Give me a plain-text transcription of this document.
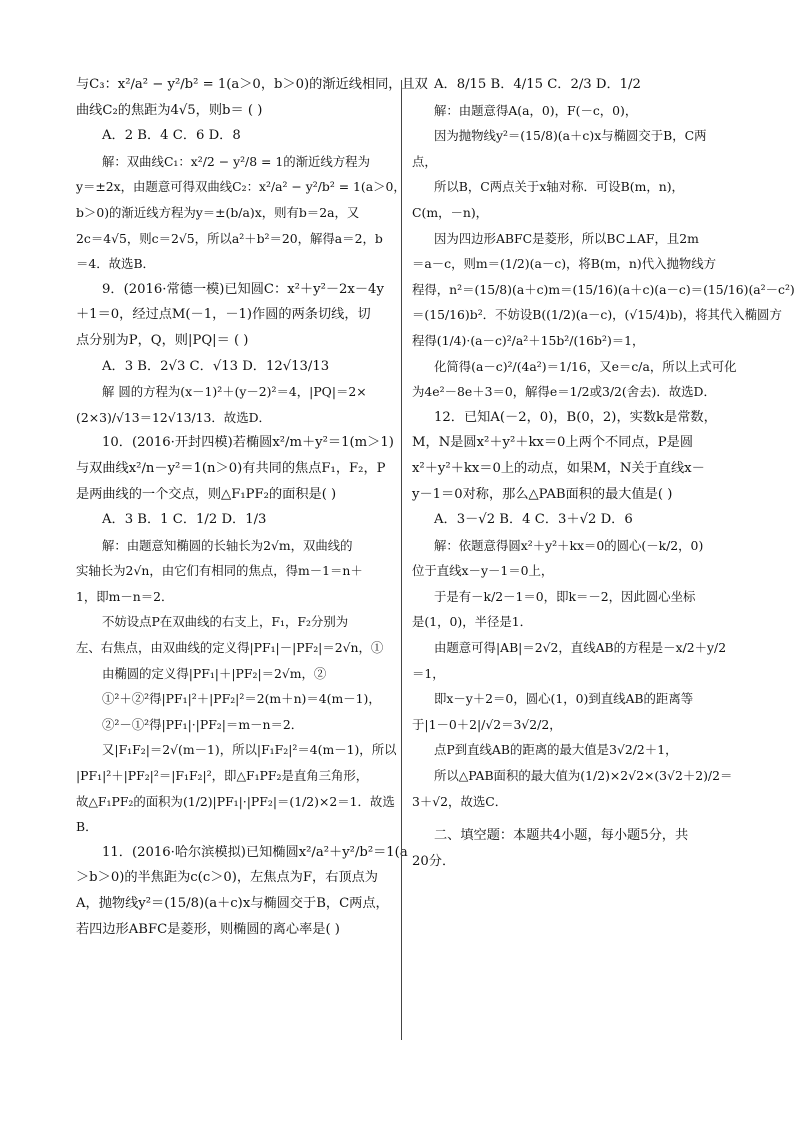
与C₃：x²/a² − y²/b² = 1(a＞0，b＞0)的渐近线相同，且双
曲线C₂的焦距为4√5，则b＝ ( )
A．2 B．4 C．6 D．8
解：双曲线C₁：x²/2 − y²/8 = 1的渐近线方程为
y＝±2x，由题意可得双曲线C₂：x²/a² − y²/b² = 1(a＞0，
b＞0)的渐近线方程为y＝±(b/a)x，则有b＝2a，又
2c＝4√5，则c＝2√5，所以a²＋b²＝20，解得a＝2，b
＝4．故选B．
9．(2016·常德一模)已知圆C：x²＋y²－2x－4y
＋1＝0，经过点M(－1，－1)作圆的两条切线，切
点分别为P，Q，则|PQ|＝ ( )
A．3 B．2√3 C．√13 D．12√13/13
解 圆的方程为(x－1)²＋(y－2)²＝4，|PQ|＝2×
(2×3)/√13＝12√13/13．故选D．
10．(2016·开封四模)若椭圆x²/m＋y²＝1(m＞1)
与双曲线x²/n－y²＝1(n＞0)有共同的焦点F₁，F₂，P
是两曲线的一个交点，则△F₁PF₂的面积是( )
A．3 B．1 C．1/2 D．1/3
解：由题意知椭圆的长轴长为2√m，双曲线的
实轴长为2√n，由它们有相同的焦点，得m－1＝n＋
1，即m－n＝2．
不妨设点P在双曲线的右支上，F₁，F₂分别为
左、右焦点，由双曲线的定义得|PF₁|－|PF₂|＝2√n，①
由椭圆的定义得|PF₁|＋|PF₂|＝2√m，②
①²＋②²得|PF₁|²＋|PF₂|²＝2(m＋n)＝4(m－1)，
②²－①²得|PF₁|·|PF₂|＝m－n＝2．
又|F₁F₂|＝2√(m－1)，所以|F₁F₂|²＝4(m－1)，所以
|PF₁|²＋|PF₂|²＝|F₁F₂|²，即△F₁PF₂是直角三角形，
故△F₁PF₂的面积为(1/2)|PF₁|·|PF₂|＝(1/2)×2＝1．故选
B．
11．(2016·哈尔滨模拟)已知椭圆x²/a²＋y²/b²＝1(a
＞b＞0)的半焦距为c(c＞0)，左焦点为F，右顶点为
A，抛物线y²＝(15/8)(a＋c)x与椭圆交于B，C两点，
若四边形ABFC是菱形，则椭圆的离心率是( )
A．8/15 B．4/15 C．2/3 D．1/2
解：由题意得A(a，0)，F(－c，0)，
因为抛物线y²＝(15/8)(a＋c)x与椭圆交于B，C两
点，
所以B，C两点关于x轴对称．可设B(m，n)，
C(m，－n)，
因为四边形ABFC是菱形，所以BC⊥AF，且2m
＝a－c，则m＝(1/2)(a－c)，将B(m，n)代入抛物线方
程得，n²＝(15/8)(a＋c)m＝(15/16)(a＋c)(a－c)＝(15/16)(a²－c²)
＝(15/16)b²．不妨设B((1/2)(a－c)，(√15/4)b)，将其代入椭圆方
程得(1/4)·(a－c)²/a²＋15b²/(16b²)＝1，
化简得(a－c)²/(4a²)＝1/16，又e＝c/a，所以上式可化
为4e²－8e＋3＝0，解得e＝1/2或3/2(舍去)．故选D．
12．已知A(－2，0)，B(0，2)，实数k是常数，
M，N是圆x²＋y²＋kx＝0上两个不同点，P是圆
x²＋y²＋kx＝0上的动点，如果M，N关于直线x－
y－1＝0对称，那么△PAB面积的最大值是( )
A．3－√2 B．4 C．3＋√2 D．6
解：依题意得圆x²＋y²＋kx＝0的圆心(－k/2，0)
位于直线x－y－1＝0上，
于是有－k/2－1＝0，即k＝－2，因此圆心坐标
是(1，0)，半径是1．
由题意可得|AB|＝2√2，直线AB的方程是－x/2＋y/2
＝1，
即x－y＋2＝0，圆心(1，0)到直线AB的距离等
于|1－0＋2|/√2＝3√2/2，
点P到直线AB的距离的最大值是3√2/2＋1，
所以△PAB面积的最大值为(1/2)×2√2×(3√2＋2)/2＝
3＋√2，故选C．
二、填空题：本题共4小题，每小题5分，共
20分．
